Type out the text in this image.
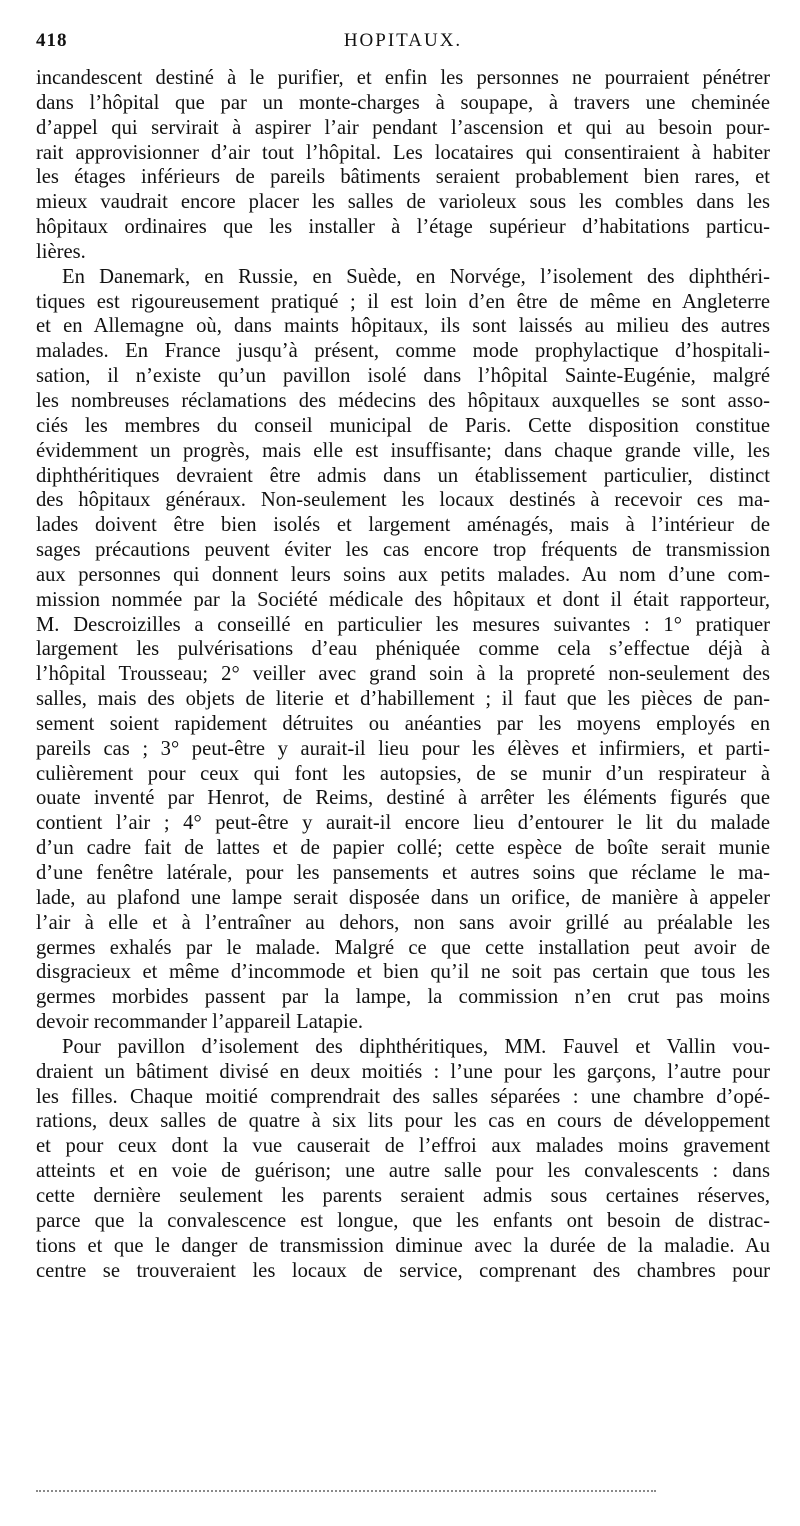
418	HOPITAUX.
incandescent destiné à le purifier, et enfin les personnes ne pourraient pénétrer
dans l’hôpital que par un monte-charges à soupape, à travers une cheminée
d’appel qui servirait à aspirer l’air pendant l’ascension et qui au besoin pour-
rait approvisionner d’air tout l’hôpital. Les locataires qui consentiraient à habiter
les étages inférieurs de pareils bâtiments seraient probablement bien rares, et
mieux vaudrait encore placer les salles de varioleux sous les combles dans les
hôpitaux ordinaires que les installer à l’étage supérieur d’habitations particu-
lières.
En Danemark, en Russie, en Suède, en Norvége, l’isolement des diphthéri-
tiques est rigoureusement pratiqué ; il est loin d’en être de même en Angleterre
et en Allemagne où, dans maints hôpitaux, ils sont laissés au milieu des autres
malades. En France jusqu’à présent, comme mode prophylactique d’hospitali-
sation, il n’existe qu’un pavillon isolé dans l’hôpital Sainte-Eugénie, malgré
les nombreuses réclamations des médecins des hôpitaux auxquelles se sont asso-
ciés les membres du conseil municipal de Paris. Cette disposition constitue
évidemment un progrès, mais elle est insuffisante; dans chaque grande ville, les
diphthéritiques devraient être admis dans un établissement particulier, distinct
des hôpitaux généraux. Non-seulement les locaux destinés à recevoir ces ma-
lades doivent être bien isolés et largement aménagés, mais à l’intérieur de
sages précautions peuvent éviter les cas encore trop fréquents de transmission
aux personnes qui donnent leurs soins aux petits malades. Au nom d’une com-
mission nommée par la Société médicale des hôpitaux et dont il était rapporteur,
M. Descroizilles a conseillé en particulier les mesures suivantes : 1° pratiquer
largement les pulvérisations d’eau phéniquée comme cela s’effectue déjà à
l’hôpital Trousseau; 2° veiller avec grand soin à la propreté non-seulement des
salles, mais des objets de literie et d’habillement ; il faut que les pièces de pan-
sement soient rapidement détruites ou anéanties par les moyens employés en
pareils cas ; 3° peut-être y aurait-il lieu pour les élèves et infirmiers, et parti-
culièrement pour ceux qui font les autopsies, de se munir d’un respirateur à
ouate inventé par Henrot, de Reims, destiné à arrêter les éléments figurés que
contient l’air ; 4° peut-être y aurait-il encore lieu d’entourer le lit du malade
d’un cadre fait de lattes et de papier collé; cette espèce de boîte serait munie
d’une fenêtre latérale, pour les pansements et autres soins que réclame le ma-
lade, au plafond une lampe serait disposée dans un orifice, de manière à appeler
l’air à elle et à l’entraîner au dehors, non sans avoir grillé au préalable les
germes exhalés par le malade. Malgré ce que cette installation peut avoir de
disgracieux et même d’incommode et bien qu’il ne soit pas certain que tous les
germes morbides passent par la lampe, la commission n’en crut pas moins
devoir recommander l’appareil Latapie.
Pour pavillon d’isolement des diphthéritiques, MM. Fauvel et Vallin vou-
draient un bâtiment divisé en deux moitiés : l’une pour les garçons, l’autre pour
les filles. Chaque moitié comprendrait des salles séparées : une chambre d’opé-
rations, deux salles de quatre à six lits pour les cas en cours de développement
et pour ceux dont la vue causerait de l’effroi aux malades moins gravement
atteints et en voie de guérison; une autre salle pour les convalescents : dans
cette dernière seulement les parents seraient admis sous certaines réserves,
parce que la convalescence est longue, que les enfants ont besoin de distrac-
tions et que le danger de transmission diminue avec la durée de la maladie. Au
centre se trouveraient les locaux de service, comprenant des chambres pour
